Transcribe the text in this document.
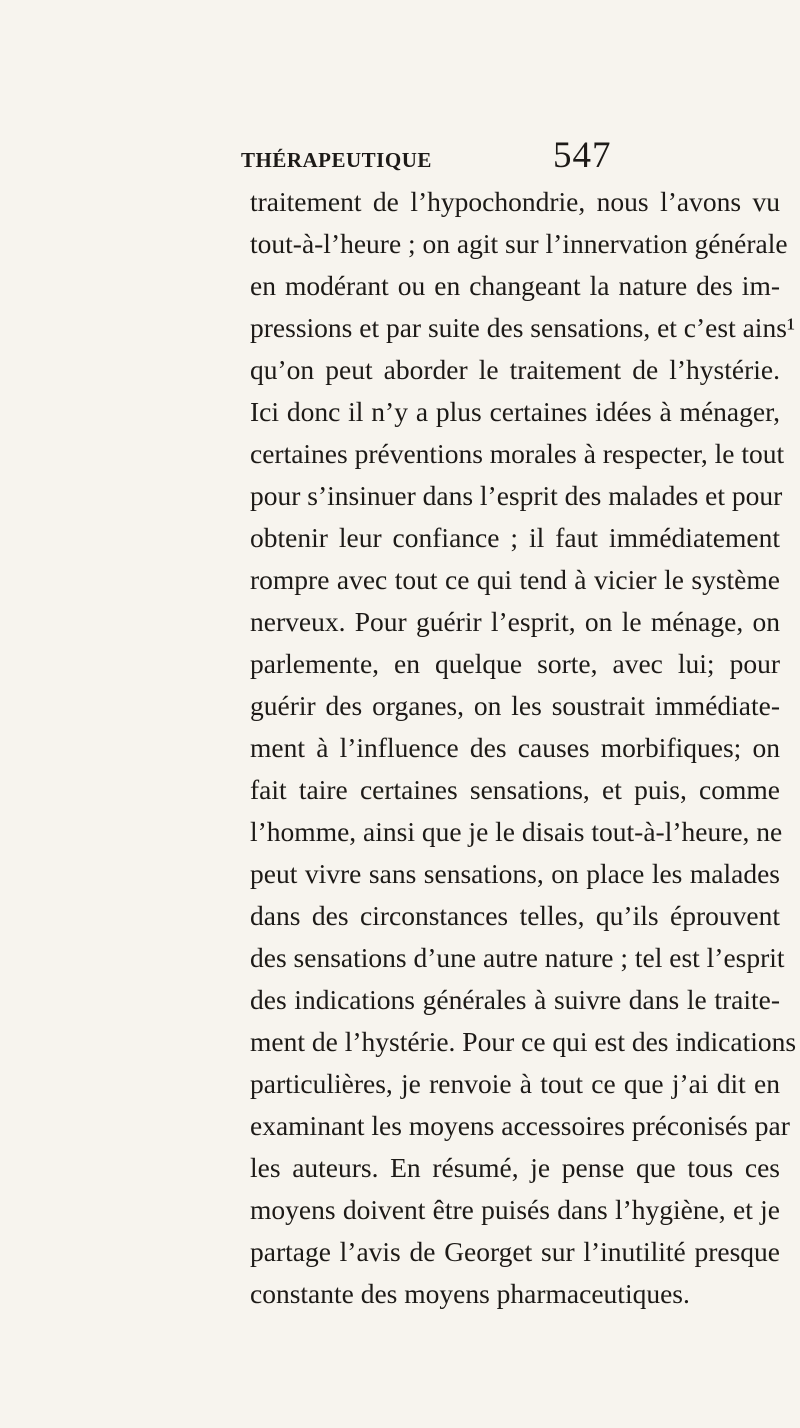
THÉRAPEUTIQUE	547
traitement de l’hypochondrie, nous l’avons vu
tout-à-l’heure ; on agit sur l’innervation générale
en modérant ou en changeant la nature des im-
pressions et par suite des sensations, et c’est ains¹
qu’on peut aborder le traitement de l’hystérie.
Ici donc il n’y a plus certaines idées à ménager,
certaines préventions morales à respecter, le tout
pour s’insinuer dans l’esprit des malades et pour
obtenir leur confiance ; il faut immédiatement
rompre avec tout ce qui tend à vicier le système
nerveux. Pour guérir l’esprit, on le ménage, on
parlemente, en quelque sorte, avec lui; pour
guérir des organes, on les soustrait immédiate-
ment à l’influence des causes morbifiques; on
fait taire certaines sensations, et puis, comme
l’homme, ainsi que je le disais tout-à-l’heure, ne
peut vivre sans sensations, on place les malades
dans des circonstances telles, qu’ils éprouvent
des sensations d’une autre nature ; tel est l’esprit
des indications générales à suivre dans le traite-
ment de l’hystérie. Pour ce qui est des indications
particulières, je renvoie à tout ce que j’ai dit en
examinant les moyens accessoires préconisés par
les auteurs. En résumé, je pense que tous ces
moyens doivent être puisés dans l’hygiène, et je
partage l’avis de Georget sur l’inutilité presque
constante des moyens pharmaceutiques.
